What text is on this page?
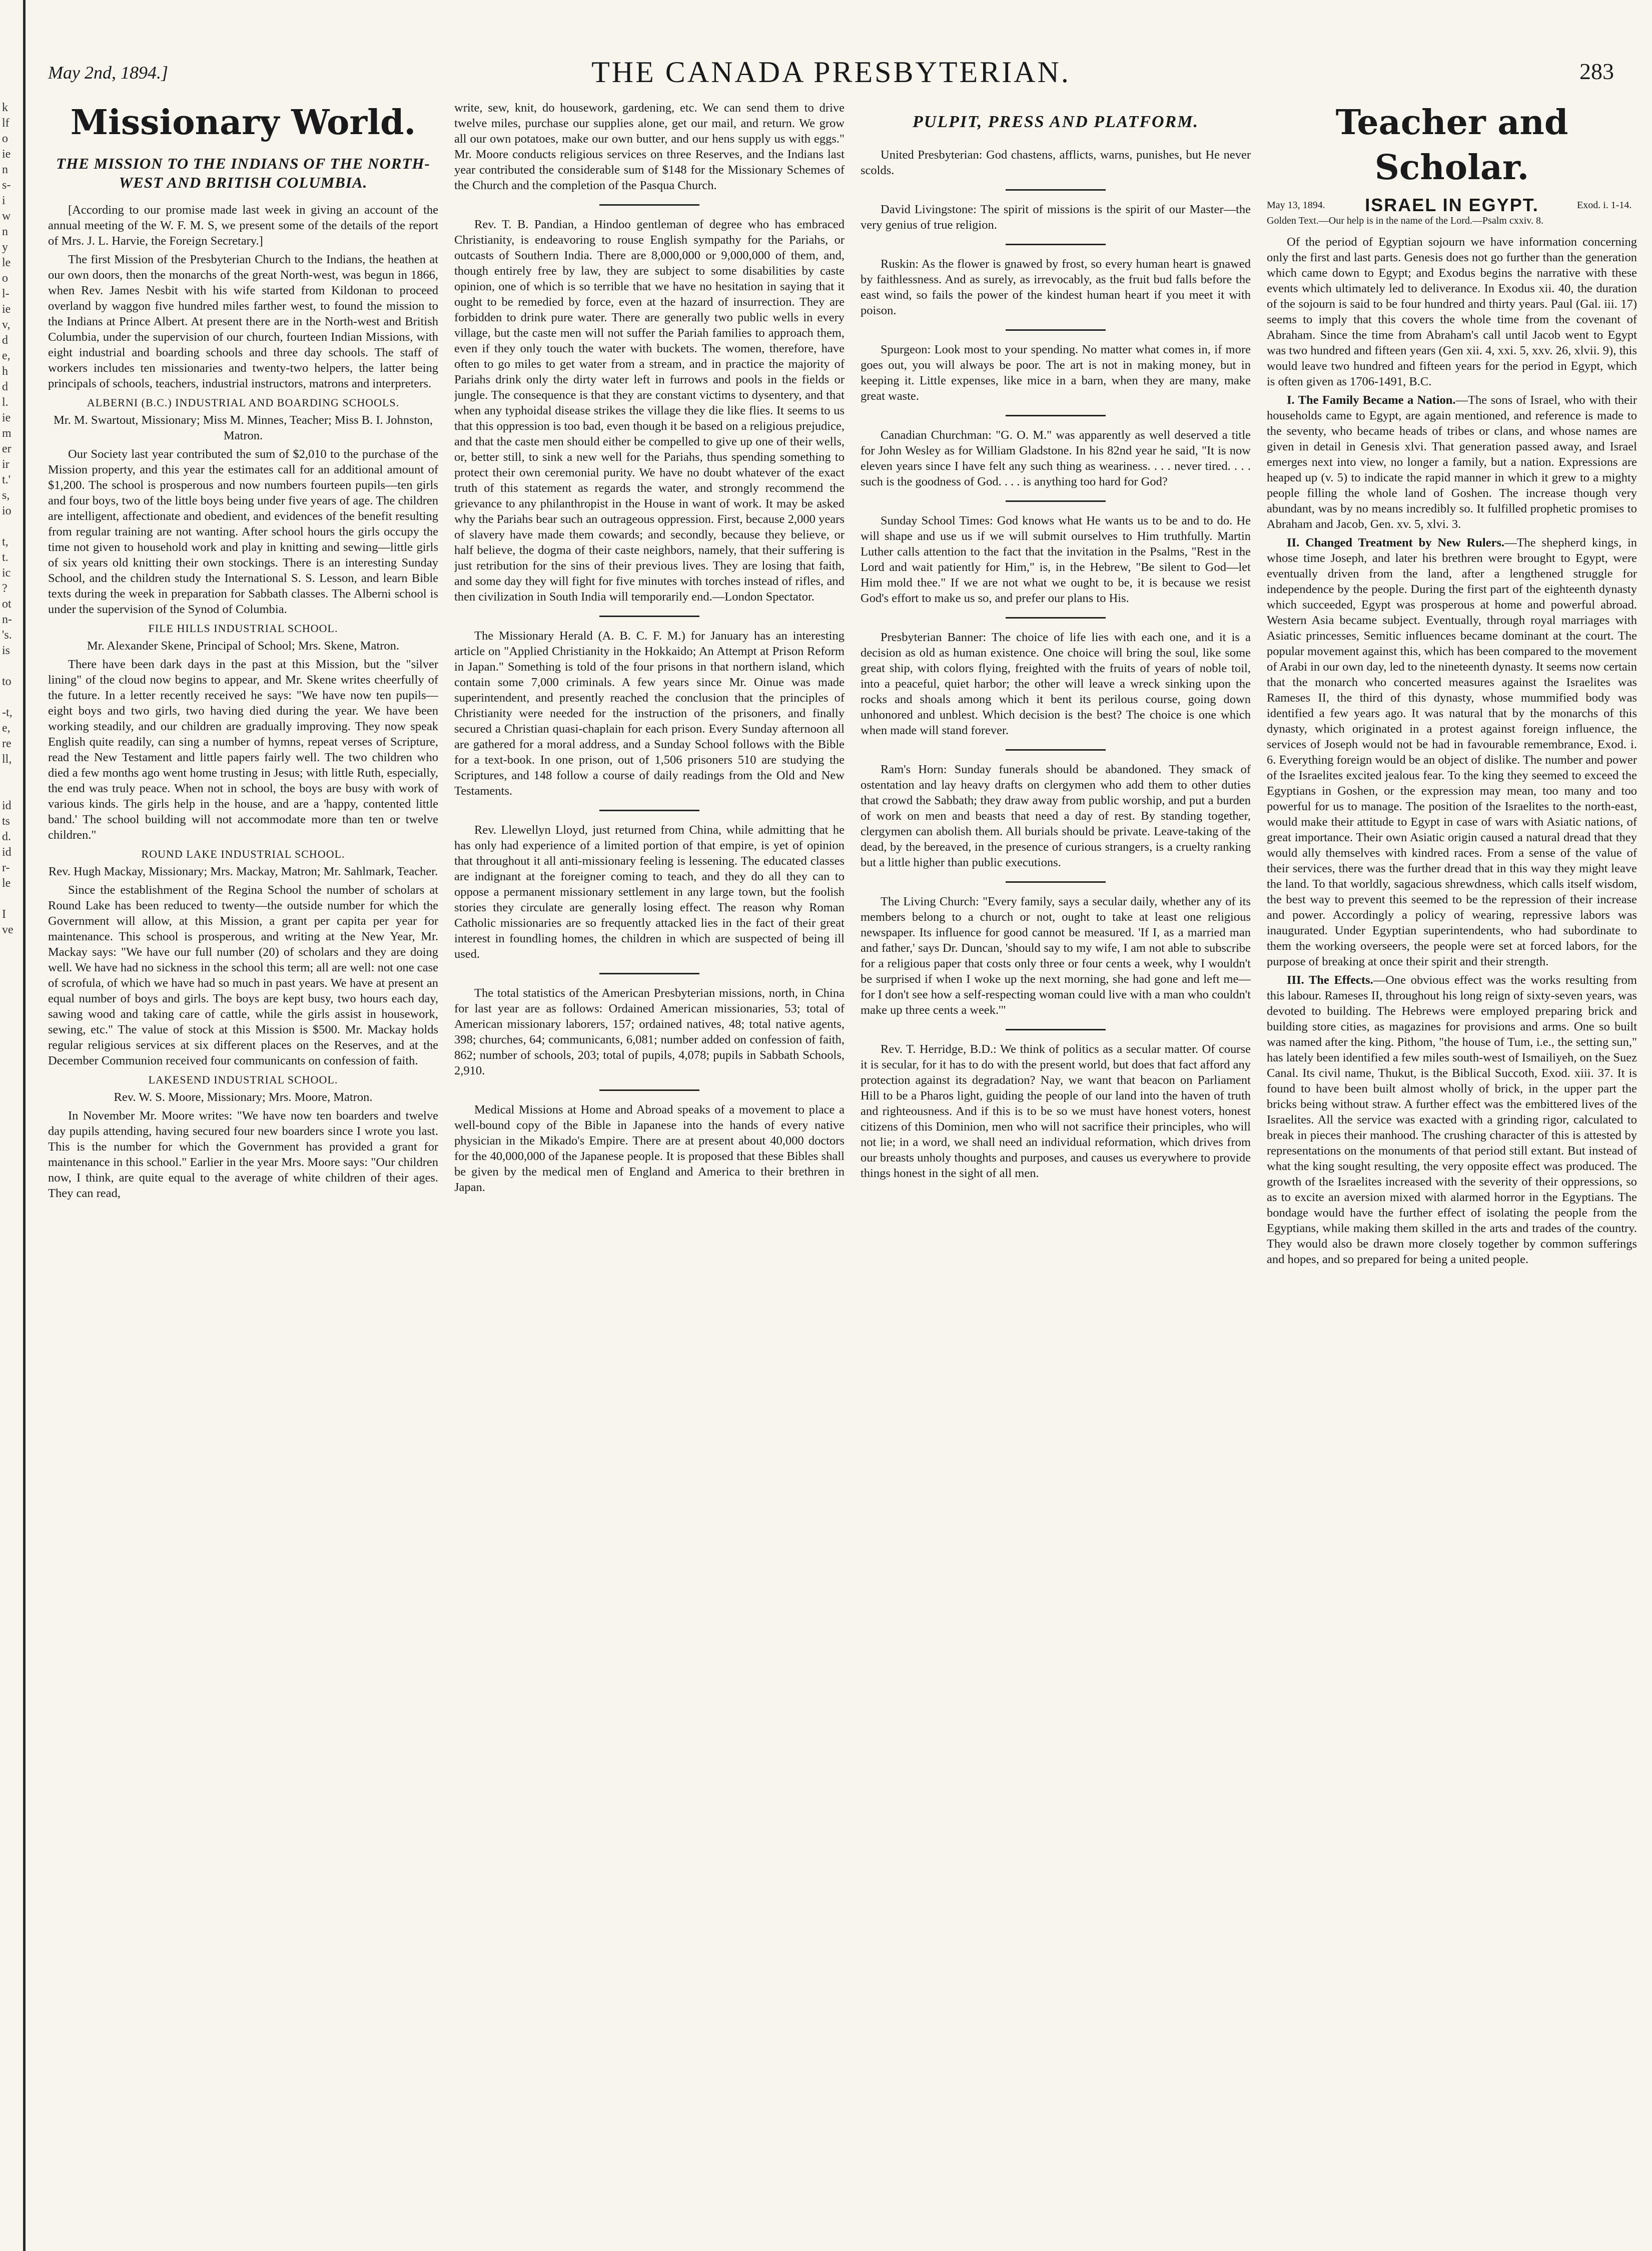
k
lf
o
ie
n
s-
i
w
n
y
le
o
l-
ie
v,
d
e,
h
d
l.
ie
m
er
ir
t.'
s,
io
t,
t.
ic
?
ot
n-
's.
is
to
-t,
e,
re
ll,
id
ts
d.
id
r-
le
I
ve
May 2nd, 1894.]	THE CANADA PRESBYTERIAN.	283
Missionary World.
THE MISSION TO THE INDIANS OF THE NORTH-WEST AND BRITISH COLUMBIA.

[According to our promise made last week in giving an account of the annual meeting of the W. F. M. S, we present some of the details of the report of Mrs. J. L. Harvie, the Foreign Secretary.]

The first Mission of the Presbyterian Church to the Indians, the heathen at our own doors, then the monarchs of the great North-west, was begun in 1866, when Rev. James Nesbit with his wife started from Kildonan to proceed overland by waggon five hundred miles farther west, to found the mission to the Indians at Prince Albert. At present there are in the North-west and British Columbia, under the supervision of our church, fourteen Indian Missions, with eight industrial and boarding schools and three day schools. The staff of workers includes ten missionaries and twenty-two helpers, the latter being principals of schools, teachers, industrial instructors, matrons and interpreters.

ALBERNI (B.C.) INDUSTRIAL AND BOARDING SCHOOLS.
Mr. M. Swartout, Missionary; Miss M. Minnes, Teacher; Miss B. I. Johnston, Matron.

Our Society last year contributed the sum of $2,010 to the purchase of the Mission property, and this year the estimates call for an additional amount of $1,200. The school is prosperous and now numbers fourteen pupils—ten girls and four boys, two of the little boys being under five years of age. The children are intelligent, affectionate and obedient, and evidences of the benefit resulting from regular training are not wanting. After school hours the girls occupy the time not given to household work and play in knitting and sewing—little girls of six years old knitting their own stockings. There is an interesting Sunday School, and the children study the International S. S. Lesson, and learn Bible texts during the week in preparation for Sabbath classes. The Alberni school is under the supervision of the Synod of Columbia.

FILE HILLS INDUSTRIAL SCHOOL.
Mr. Alexander Skene, Principal of School; Mrs. Skene, Matron.

There have been dark days in the past at this Mission, but the "silver lining" of the cloud now begins to appear, and Mr. Skene writes cheerfully of the future. In a letter recently received he says: "We have now ten pupils—eight boys and two girls, two having died during the year. We have been working steadily, and our children are gradually improving. They now speak English quite readily, can sing a number of hymns, repeat verses of Scripture, read the New Testament and little papers fairly well. The two children who died a few months ago went home trusting in Jesus; with little Ruth, especially, the end was truly peace. When not in school, the boys are busy with work of various kinds. The girls help in the house, and are a 'happy, contented little band.' The school building will not accommodate more than ten or twelve children."

ROUND LAKE INDUSTRIAL SCHOOL.
Rev. Hugh Mackay, Missionary; Mrs. Mackay, Matron; Mr. Sahlmark, Teacher.

Since the establishment of the Regina School the number of scholars at Round Lake has been reduced to twenty—the outside number for which the Government will allow, at this Mission, a grant per capita per year for maintenance. This school is prosperous, and writing at the New Year, Mr. Mackay says: "We have our full number (20) of scholars and they are doing well. We have had no sickness in the school this term; all are well: not one case of scrofula, of which we have had so much in past years. We have at present an equal number of boys and girls. The boys are kept busy, two hours each day, sawing wood and taking care of cattle, while the girls assist in housework, sewing, etc." The value of stock at this Mission is $500. Mr. Mackay holds regular religious services at six different places on the Reserves, and at the December Communion received four communicants on confession of faith.

LAKESEND INDUSTRIAL SCHOOL.
Rev. W. S. Moore, Missionary; Mrs. Moore, Matron.

In November Mr. Moore writes: "We have now ten boarders and twelve day pupils attending, having secured four new boarders since I wrote you last. This is the number for which the Government has provided a grant for maintenance in this school." Earlier in the year Mrs. Moore says: "Our children now, I think, are quite equal to the average of white children of their ages. They can read,

write, sew, knit, do housework, gardening, etc. We can send them to drive twelve miles, purchase our supplies alone, get our mail, and return. We grow all our own potatoes, make our own butter, and our hens supply us with eggs." Mr. Moore conducts religious services on three Reserves, and the Indians last year contributed the considerable sum of $148 for the Missionary Schemes of the Church and the completion of the Pasqua Church.

Rev. T. B. Pandian, a Hindoo gentleman of degree who has embraced Christianity, is endeavoring to rouse English sympathy for the Pariahs, or outcasts of Southern India. There are 8,000,000 or 9,000,000 of them, and, though entirely free by law, they are subject to some disabilities by caste opinion, one of which is so terrible that we have no hesitation in saying that it ought to be remedied by force, even at the hazard of insurrection. They are forbidden to drink pure water. There are generally two public wells in every village, but the caste men will not suffer the Pariah families to approach them, even if they only touch the water with buckets. The women, therefore, have often to go miles to get water from a stream, and in practice the majority of Pariahs drink only the dirty water left in furrows and pools in the fields or jungle. The consequence is that they are constant victims to dysentery, and that when any typhoidal disease strikes the village they die like flies. It seems to us that this oppression is too bad, even though it be based on a religious prejudice, and that the caste men should either be compelled to give up one of their wells, or, better still, to sink a new well for the Pariahs, thus spending something to protect their own ceremonial purity. We have no doubt whatever of the exact truth of this statement as regards the water, and strongly recommend the grievance to any philanthropist in the House in want of work. It may be asked why the Pariahs bear such an outrageous oppression. First, because 2,000 years of slavery have made them cowards; and secondly, because they believe, or half believe, the dogma of their caste neighbors, namely, that their suffering is just retribution for the sins of their previous lives. They are losing that faith, and some day they will fight for five minutes with torches instead of rifles, and then civilization in South India will temporarily end.—London Spectator.

The Missionary Herald (A. B. C. F. M.) for January has an interesting article on "Applied Christianity in the Hokkaido; An Attempt at Prison Reform in Japan." Something is told of the four prisons in that northern island, which contain some 7,000 criminals. A few years since Mr. Oinue was made superintendent, and presently reached the conclusion that the principles of Christianity were needed for the instruction of the prisoners, and finally secured a Christian quasi-chaplain for each prison. Every Sunday afternoon all are gathered for a moral address, and a Sunday School follows with the Bible for a text-book. In one prison, out of 1,506 prisoners 510 are studying the Scriptures, and 148 follow a course of daily readings from the Old and New Testaments.

Rev. Llewellyn Lloyd, just returned from China, while admitting that he has only had experience of a limited portion of that empire, is yet of opinion that throughout it all anti-missionary feeling is lessening. The educated classes are indignant at the foreigner coming to teach, and they do all they can to oppose a permanent missionary settlement in any large town, but the foolish stories they circulate are generally losing effect. The reason why Roman Catholic missionaries are so frequently attacked lies in the fact of their great interest in foundling homes, the children in which are suspected of being ill used.

The total statistics of the American Presbyterian missions, north, in China for last year are as follows: Ordained American missionaries, 53; total of American missionary laborers, 157; ordained natives, 48; total native agents, 398; churches, 64; communicants, 6,081; number added on confession of faith, 862; number of schools, 203; total of pupils, 4,078; pupils in Sabbath Schools, 2,910.

Medical Missions at Home and Abroad speaks of a movement to place a well-bound copy of the Bible in Japanese into the hands of every native physician in the Mikado's Empire. There are at present about 40,000 doctors for the 40,000,000 of the Japanese people. It is proposed that these Bibles shall be given by the medical men of England and America to their brethren in Japan.

PULPIT, PRESS AND PLATFORM.

United Presbyterian: God chastens, afflicts, warns, punishes, but He never scolds.

David Livingstone: The spirit of missions is the spirit of our Master—the very genius of true religion.

Ruskin: As the flower is gnawed by frost, so every human heart is gnawed by faithlessness. And as surely, as irrevocably, as the fruit bud falls before the east wind, so fails the power of the kindest human heart if you meet it with poison.

Spurgeon: Look most to your spending. No matter what comes in, if more goes out, you will always be poor. The art is not in making money, but in keeping it. Little expenses, like mice in a barn, when they are many, make great waste.

Canadian Churchman: "G. O. M." was apparently as well deserved a title for John Wesley as for William Gladstone. In his 82nd year he said, "It is now eleven years since I have felt any such thing as weariness. . . . never tired. . . . such is the goodness of God. . . . is anything too hard for God?

Sunday School Times: God knows what He wants us to be and to do. He will shape and use us if we will submit ourselves to Him truthfully. Martin Luther calls attention to the fact that the invitation in the Psalms, "Rest in the Lord and wait patiently for Him," is, in the Hebrew, "Be silent to God—let Him mold thee." If we are not what we ought to be, it is because we resist God's effort to make us so, and prefer our plans to His.

Presbyterian Banner: The choice of life lies with each one, and it is a decision as old as human existence. One choice will bring the soul, like some great ship, with colors flying, freighted with the fruits of years of noble toil, into a peaceful, quiet harbor; the other will leave a wreck sinking upon the rocks and shoals among which it bent its perilous course, going down unhonored and unblest. Which decision is the best? The choice is one which when made will stand forever.

Ram's Horn: Sunday funerals should be abandoned. They smack of ostentation and lay heavy drafts on clergymen who add them to other duties that crowd the Sabbath; they draw away from public worship, and put a burden of work on men and beasts that need a day of rest. By standing together, clergymen can abolish them. All burials should be private. Leave-taking of the dead, by the bereaved, in the presence of curious strangers, is a cruelty ranking but a little higher than public executions.

The Living Church: "Every family, says a secular daily, whether any of its members belong to a church or not, ought to take at least one religious newspaper. Its influence for good cannot be measured. 'If I, as a married man and father,' says Dr. Duncan, 'should say to my wife, I am not able to subscribe for a religious paper that costs only three or four cents a week, why I wouldn't be surprised if when I woke up the next morning, she had gone and left me—for I don't see how a self-respecting woman could live with a man who couldn't make up three cents a week.'"

Rev. T. Herridge, B.D.: We think of politics as a secular matter. Of course it is secular, for it has to do with the present world, but does that fact afford any protection against its degradation? Nay, we want that beacon on Parliament Hill to be a Pharos light, guiding the people of our land into the haven of truth and righteousness. And if this is to be so we must have honest voters, honest citizens of this Dominion, men who will not sacrifice their principles, who will not lie; in a word, we shall need an individual reformation, which drives from our breasts unholy thoughts and purposes, and causes us everywhere to provide things honest in the sight of all men.

Teacher and Scholar.
May 13, 1894.	ISRAEL IN EGYPT.	Exod. i. 1-14.
Golden Text.—Our help is in the name of the Lord.—Psalm cxxiv. 8.

Of the period of Egyptian sojourn we have information concerning only the first and last parts. Genesis does not go further than the generation which came down to Egypt; and Exodus begins the narrative with these events which ultimately led to deliverance. In Exodus xii. 40, the duration of the sojourn is said to be four hundred and thirty years. Paul (Gal. iii. 17) seems to imply that this covers the whole time from the covenant of Abraham. Since the time from Abraham's call until Jacob went to Egypt was two hundred and fifteen years (Gen xii. 4, xxi. 5, xxv. 26, xlvii. 9), this would leave two hundred and fifteen years for the period in Egypt, which is often given as 1706-1491, B.C.

I. The Family Became a Nation.—The sons of Israel, who with their households came to Egypt, are again mentioned, and reference is made to the seventy, who became heads of tribes or clans, and whose names are given in detail in Genesis xlvi. That generation passed away, and Israel emerges next into view, no longer a family, but a nation. Expressions are heaped up (v. 5) to indicate the rapid manner in which it grew to a mighty people filling the whole land of Goshen. The increase though very abundant, was by no means incredibly so. It fulfilled prophetic promises to Abraham and Jacob, Gen. xv. 5, xlvi. 3.

II. Changed Treatment by New Rulers.—The shepherd kings, in whose time Joseph, and later his brethren were brought to Egypt, were eventually driven from the land, after a lengthened struggle for independence by the people. During the first part of the eighteenth dynasty which succeeded, Egypt was prosperous at home and powerful abroad. Western Asia became subject. Eventually, through royal marriages with Asiatic princesses, Semitic influences became dominant at the court. The popular movement against this, which has been compared to the movement of Arabi in our own day, led to the nineteenth dynasty. It seems now certain that the monarch who concerted measures against the Israelites was Rameses II, the third of this dynasty, whose mummified body was identified a few years ago. It was natural that by the monarchs of this dynasty, which originated in a protest against foreign influence, the services of Joseph would not be had in favourable remembrance, Exod. i. 6. Everything foreign would be an object of dislike. The number and power of the Israelites excited jealous fear. To the king they seemed to exceed the Egyptians in Goshen, or the expression may mean, too many and too powerful for us to manage. The position of the Israelites to the north-east, would make their attitude to Egypt in case of wars with Asiatic nations, of great importance. Their own Asiatic origin caused a natural dread that they would ally themselves with kindred races. From a sense of the value of their services, there was the further dread that in this way they might leave the land. To that worldly, sagacious shrewdness, which calls itself wisdom, the best way to prevent this seemed to be the repression of their increase and power. Accordingly a policy of wearing, repressive labors was inaugurated. Under Egyptian superintendents, who had subordinate to them the working overseers, the people were set at forced labors, for the purpose of breaking at once their spirit and their strength.

III. The Effects.—One obvious effect was the works resulting from this labour. Rameses II, throughout his long reign of sixty-seven years, was devoted to building. The Hebrews were employed preparing brick and building store cities, as magazines for provisions and arms. One so built was named after the king. Pithom, "the house of Tum, i.e., the setting sun," has lately been identified a few miles south-west of Ismailiyeh, on the Suez Canal. Its civil name, Thukut, is the Biblical Succoth, Exod. xiii. 37. It is found to have been built almost wholly of brick, in the upper part the bricks being without straw. A further effect was the embittered lives of the Israelites. All the service was exacted with a grinding rigor, calculated to break in pieces their manhood. The crushing character of this is attested by representations on the monuments of that period still extant. But instead of what the king sought resulting, the very opposite effect was produced. The growth of the Israelites increased with the severity of their oppressions, so as to excite an aversion mixed with alarmed horror in the Egyptians. The bondage would have the further effect of isolating the people from the Egyptians, while making them skilled in the arts and trades of the country. They would also be drawn more closely together by common sufferings and hopes, and so prepared for being a united people.
